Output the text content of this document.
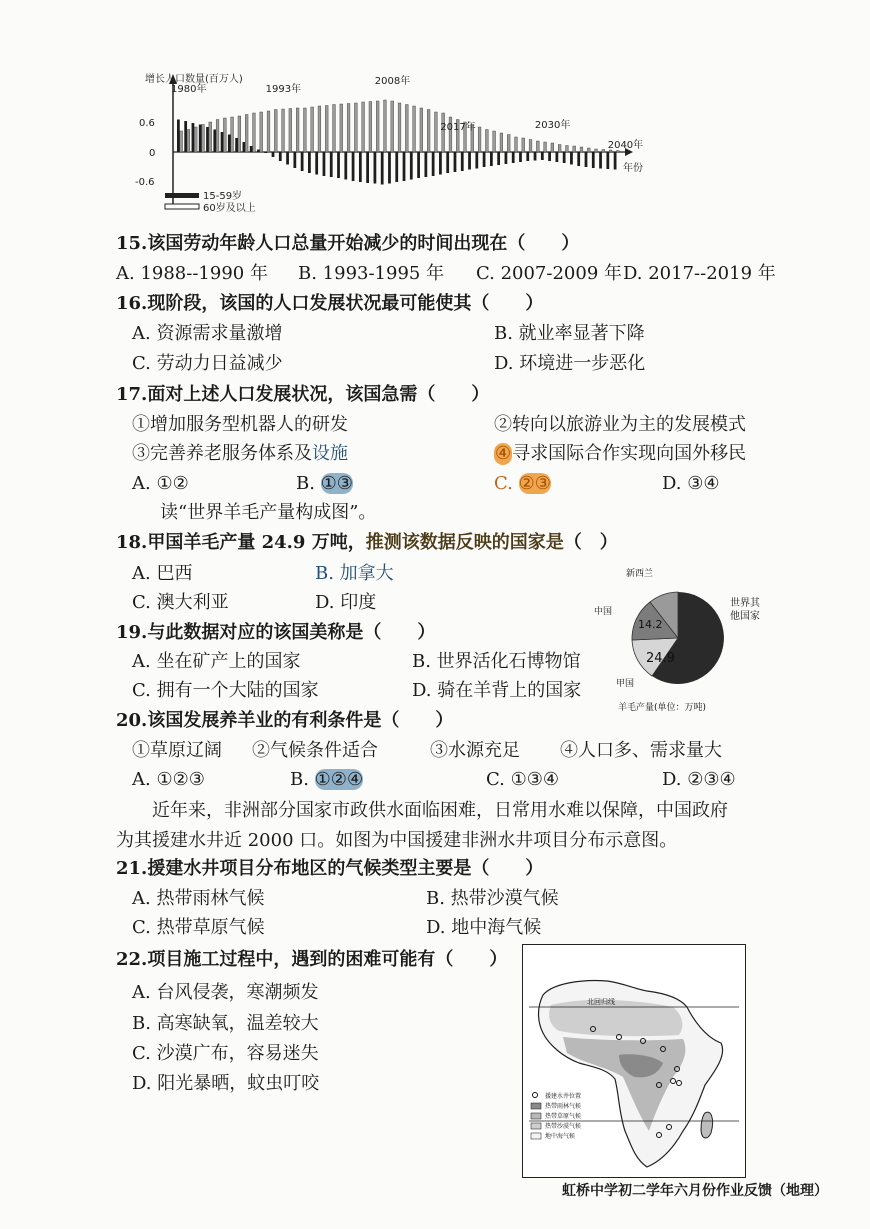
增长人口数量(百万人)
0.6
0
-0.6
年份
1980年	1993年
2008年
2017年	2030年
2040年
15-59岁
60岁及以上
15.该国劳动年龄人口总量开始减少的时间出现在（　　）
A. 1988--1990 年 B. 1993-1995 年 C. 2007-2009 年 D. 2017--2019 年
16.现阶段，该国的人口发展状况最可能使其（　　）
A. 资源需求量激增	B. 就业率显著下降
C. 劳动力日益减少	D. 环境进一步恶化
17.面对上述人口发展状况，该国急需（　　）
①增加服务型机器人的研发	②转向以旅游业为主的发展模式
③完善养老服务体系及设施	④寻求国际合作实现向国外移民
A. ①②	B. ①③	C. ②③	D. ③④
读“世界羊毛产量构成图”。
18.甲国羊毛产量 24.9 万吨，推测该数据反映的国家是（　）
A. 巴西	B. 加拿大
C. 澳大利亚	D. 印度
14.2
24.9
新西兰
世界其
他国家
中国
甲国
羊毛产量(单位：万吨)
19.与此数据对应的该国美称是（　　）
A. 坐在矿产上的国家	B. 世界活化石博物馆
C. 拥有一个大陆的国家	D. 骑在羊背上的国家
20.该国发展养羊业的有利条件是（　　）
①草原辽阔 ②气候条件适合	③水源充足 ④人口多、需求量大
A. ①②③	B. ①②④	C. ①③④	D. ②③④
近年来，非洲部分国家市政供水面临困难，日常用水难以保障，中国政府
为其援建水井近 2000 口。如图为中国援建非洲水井项目分布示意图。
21.援建水井项目分布地区的气候类型主要是（　　）
A. 热带雨林气候	B. 热带沙漠气候
C. 热带草原气候	D. 地中海气候
22.项目施工过程中，遇到的困难可能有（　　）
A. 台风侵袭，寒潮频发
B. 高寒缺氧，温差较大
C. 沙漠广布，容易迷失
D. 阳光暴晒，蚊虫叮咬
北回归线
援建水井位置
热带雨林气候
热带草原气候
热带沙漠气候
地中海气候
虹桥中学初二学年六月份作业反馈（地理）
